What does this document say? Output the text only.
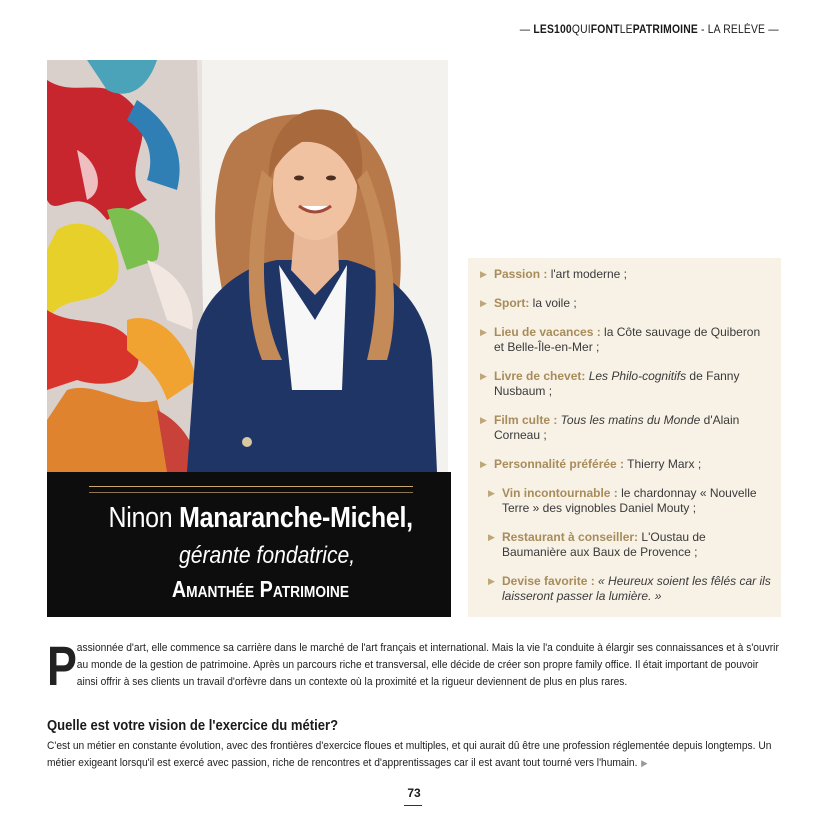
— LES100QUIFONTLEPATRIMOINE - LA RELÈVE —
Ninon Manaranche-Michel,
gérante fondatrice,
Amanthée Patrimoine
▶ Passion : l'art moderne ;
▶ Sport: la voile ;
▶ Lieu de vacances : la Côte sauvage de Quiberon et Belle-Île-en-Mer ;
▶ Livre de chevet: Les Philo-cognitifs de Fanny Nusbaum ;
▶ Film culte : Tous les matins du Monde d'Alain Corneau ;
▶ Personnalité préférée : Thierry Marx ;
▶ Vin incontournable : le chardonnay « Nouvelle Terre » des vignobles Daniel Mouty ;
▶ Restaurant à conseiller: L'Oustau de Baumanière aux Baux de Provence ;
▶ Devise favorite : « Heureux soient les fêlés car ils laisseront passer la lumière. »
P assionnée d'art, elle commence sa carrière dans le marché de l'art français et international. Mais la vie l'a conduite à élargir ses connaissances et à s'ouvrir au monde de la gestion de patrimoine. Après un parcours riche et transversal, elle décide de créer son propre family office. Il était important de pouvoir ainsi offrir à ses clients un travail d'orfèvre dans un contexte où la proximité et la rigueur deviennent de plus en plus rares.

Quelle est votre vision de l'exercice du métier?
C'est un métier en constante évolution, avec des frontières d'exercice floues et multiples, et qui aurait dû être une profession réglementée depuis longtemps. Un métier exigeant lorsqu'il est exercé avec passion, riche de rencontres et d'apprentissages car il est avant tout tourné vers l'humain. ▶
73
